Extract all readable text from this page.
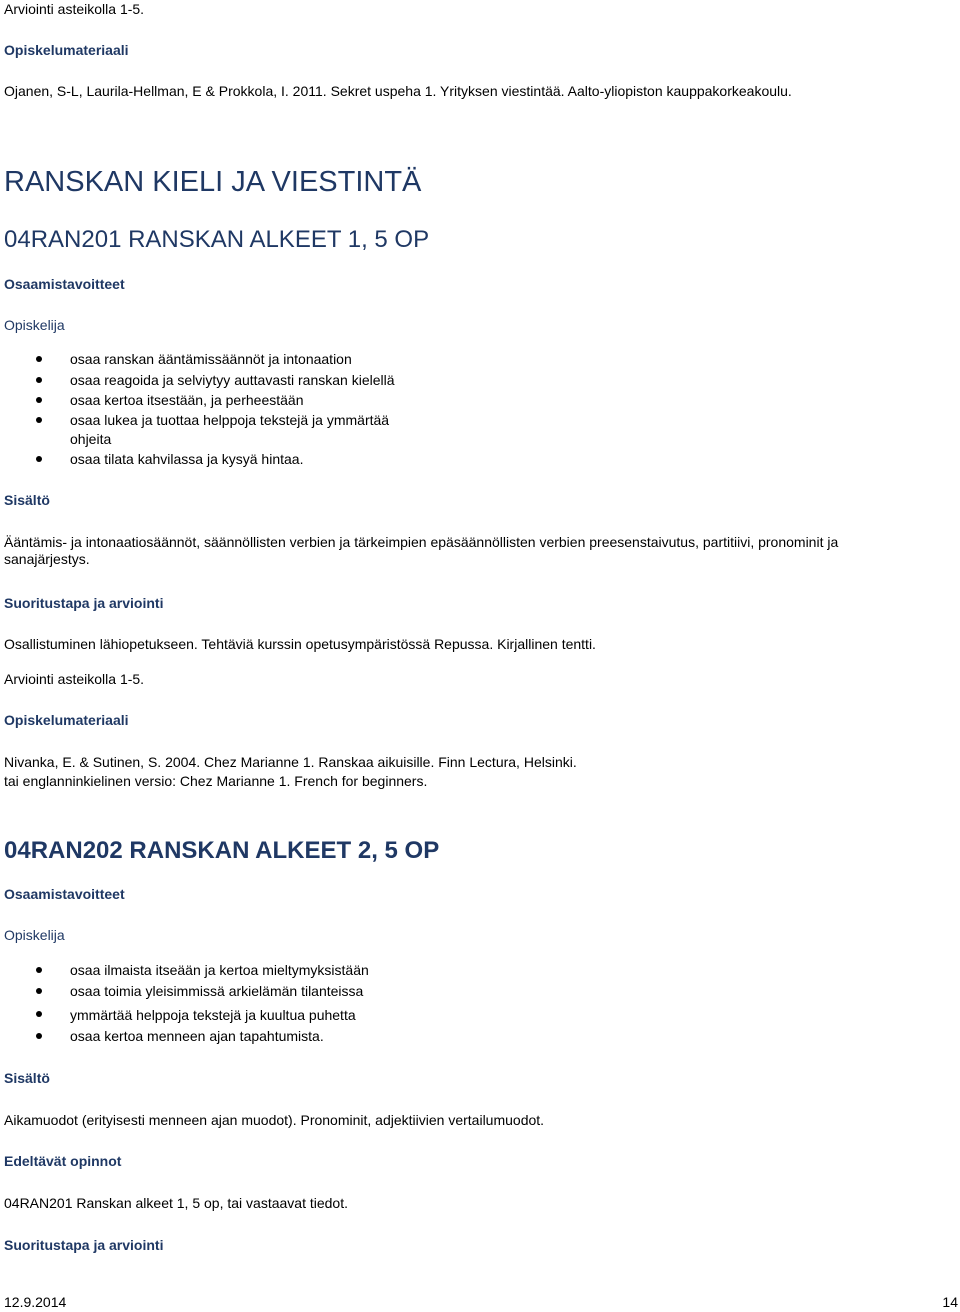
Arviointi asteikolla 1-5.

Opiskelumateriaali

Ojanen, S-L, Laurila-Hellman, E & Prokkola, I. 2011. Sekret uspeha 1. Yrityksen viestintää. Aalto-yliopiston kauppakorkeakoulu.

RANSKAN KIELI JA VIESTINTÄ
04RAN201 RANSKAN ALKEET 1, 5 OP

Osaamistavoitteet

Opiskelija

osaa ranskan ääntämissäännöt ja intonaation

osaa reagoida ja selviytyy auttavasti ranskan kielellä

osaa kertoa itsestään, ja perheestään

osaa lukea ja tuottaa helppoja tekstejä ja ymmärtää

ohjeita

osaa tilata kahvilassa ja kysyä hintaa.

Sisältö

Ääntämis- ja intonaatiosäännöt, säännöllisten verbien ja tärkeimpien epäsäännöllisten verbien preesenstaivutus, partitiivi, pronominit ja sanajärjestys.

Suoritustapa ja arviointi

Osallistuminen lähiopetukseen. Tehtäviä kurssin opetusympäristössä Repussa. Kirjallinen tentti.

Arviointi asteikolla 1-5.

Opiskelumateriaali

Nivanka, E. & Sutinen, S. 2004. Chez Marianne 1. Ranskaa aikuisille. Finn Lectura, Helsinki.

tai englanninkielinen versio: Chez Marianne 1. French for beginners.

04RAN202 RANSKAN ALKEET 2, 5 OP

Osaamistavoitteet

Opiskelija

osaa ilmaista itseään ja kertoa mieltymyksistään

osaa toimia yleisimmissä arkielämän tilanteissa

ymmärtää helppoja tekstejä ja kuultua puhetta

osaa kertoa menneen ajan tapahtumista.

Sisältö

Aikamuodot (erityisesti menneen ajan muodot). Pronominit, adjektiivien vertailumuodot.

Edeltävät opinnot

04RAN201 Ranskan alkeet 1, 5 op, tai vastaavat tiedot.

Suoritustapa ja arviointi

12.9.2014	14
